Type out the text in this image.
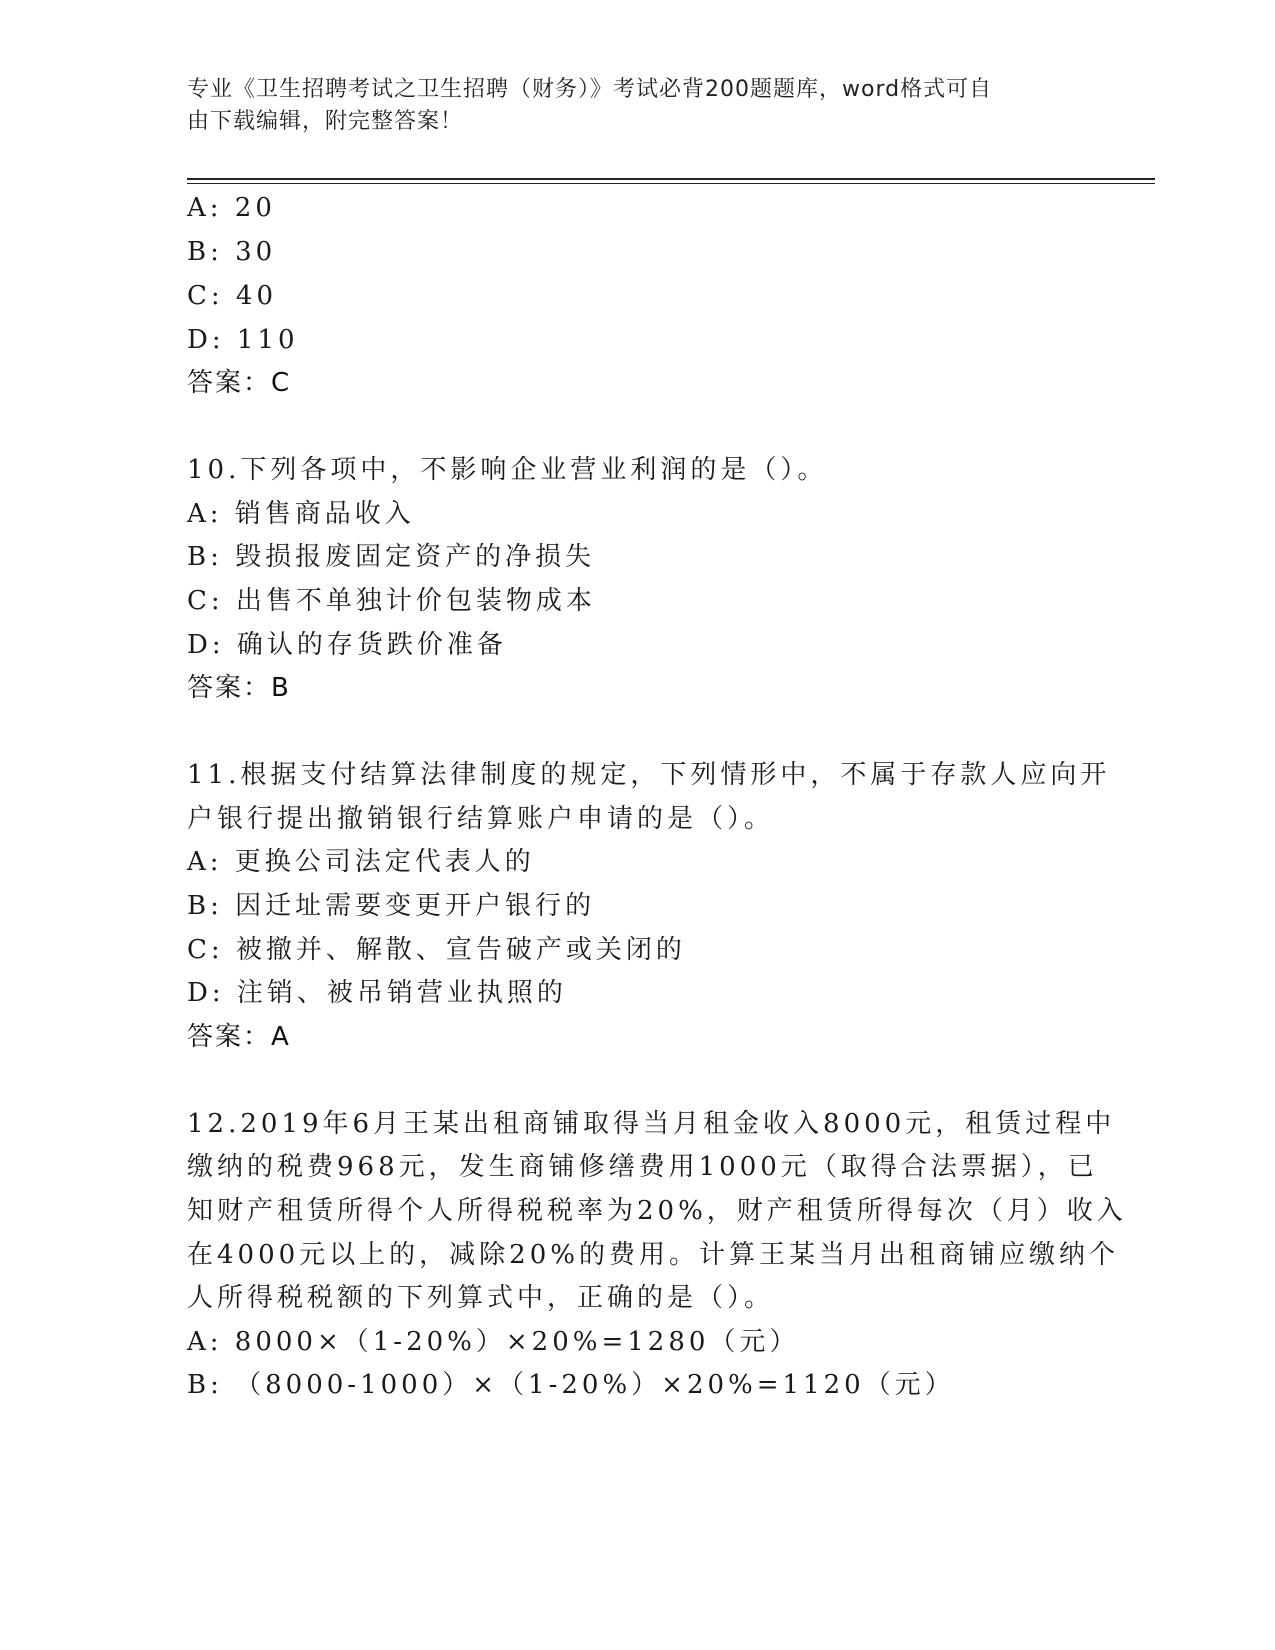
专业《卫生招聘考试之卫生招聘（财务）》考试必背200题题库，word格式可自
由下载编辑，附完整答案！
A: 20
B: 30
C: 40
D: 110
答案：C
10.下列各项中，不影响企业营业利润的是（）。
A: 销售商品收入
B: 毁损报废固定资产的净损失
C: 出售不单独计价包装物成本
D: 确认的存货跌价准备
答案：B
11.根据支付结算法律制度的规定，下列情形中，不属于存款人应向开
户银行提出撤销银行结算账户申请的是（）。
A: 更换公司法定代表人的
B: 因迁址需要变更开户银行的
C: 被撤并、解散、宣告破产或关闭的
D: 注销、被吊销营业执照的
答案：A
12.2019年6月王某出租商铺取得当月租金收入8000元，租赁过程中
缴纳的税费968元，发生商铺修缮费用1000元（取得合法票据），已
知财产租赁所得个人所得税税率为20%，财产租赁所得每次（月）收入
在4000元以上的，减除20%的费用。计算王某当月出租商铺应缴纳个
人所得税税额的下列算式中，正确的是（）。
A: 8000×（1-20%）×20%=1280（元）
B: （8000-1000）×（1-20%）×20%=1120（元）
